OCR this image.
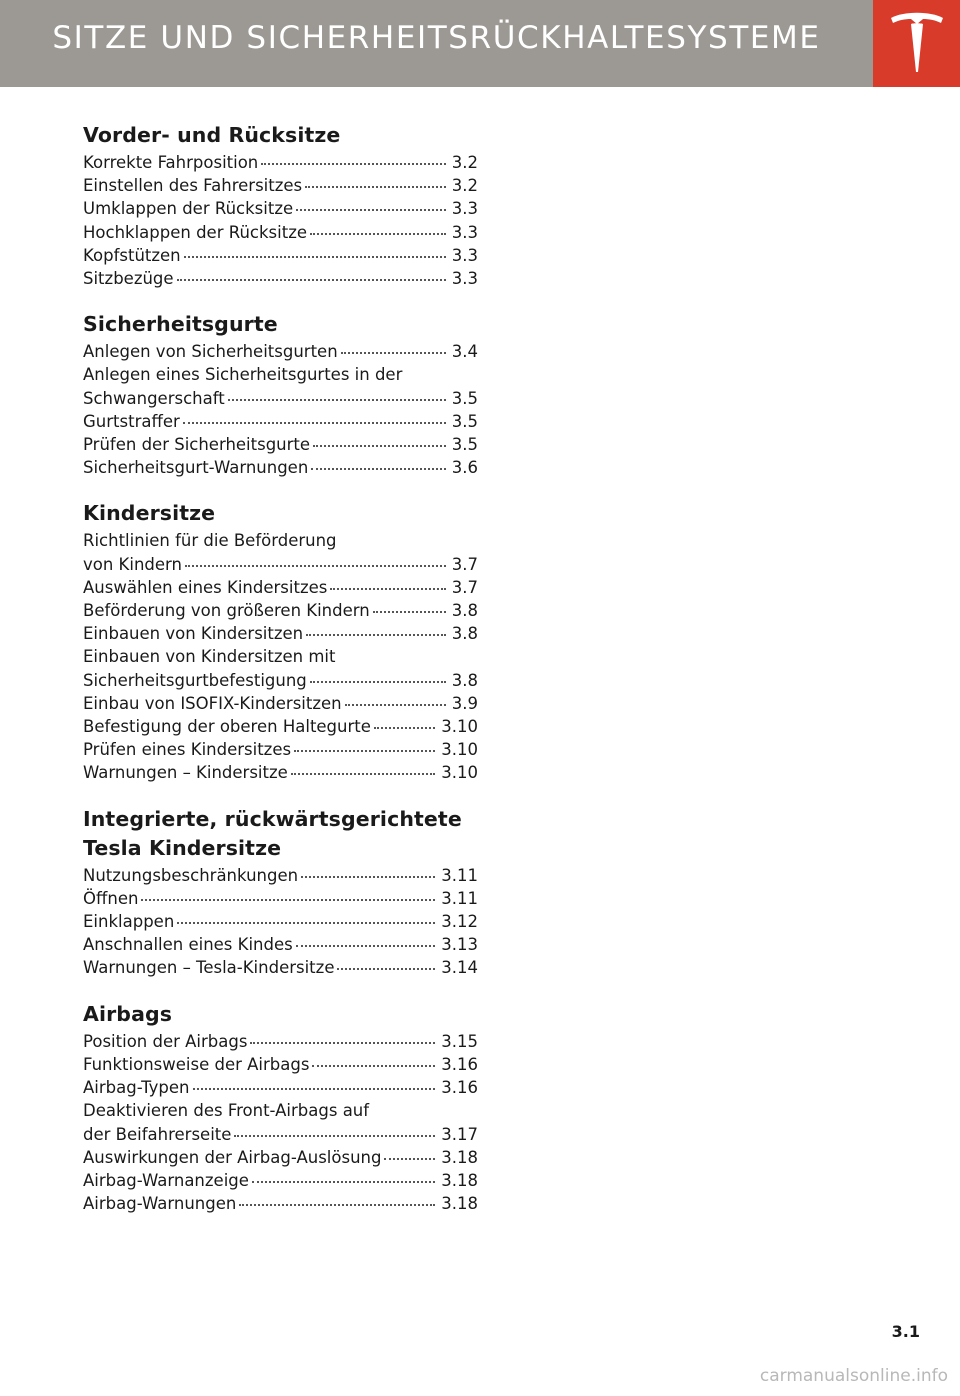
SITZE UND SICHERHEITSRÜCKHALTESYSTEME
Vorder- und Rücksitze
Korrekte Fahrposition	3.2
Einstellen des Fahrersitzes	3.2
Umklappen der Rücksitze	3.3
Hochklappen der Rücksitze	3.3
Kopfstützen	3.3
Sitzbezüge	3.3
Sicherheitsgurte
Anlegen von Sicherheitsgurten	3.4
Anlegen eines Sicherheitsgurtes in der
Schwangerschaft	3.5
Gurtstraffer	3.5
Prüfen der Sicherheitsgurte	3.5
Sicherheitsgurt-Warnungen	3.6
Kindersitze
Richtlinien für die Beförderung
von Kindern	3.7
Auswählen eines Kindersitzes	3.7
Beförderung von größeren Kindern	3.8
Einbauen von Kindersitzen	3.8
Einbauen von Kindersitzen mit
Sicherheitsgurtbefestigung	3.8
Einbau von ISOFIX-Kindersitzen	3.9
Befestigung der oberen Haltegurte	3.10
Prüfen eines Kindersitzes	3.10
Warnungen – Kindersitze	3.10
Integrierte, rückwärtsgerichtete
Tesla Kindersitze
Nutzungsbeschränkungen	3.11
Öffnen	3.11
Einklappen	3.12
Anschnallen eines Kindes	3.13
Warnungen – Tesla-Kindersitze	3.14
Airbags
Position der Airbags	3.15
Funktionsweise der Airbags	3.16
Airbag-Typen	3.16
Deaktivieren des Front-Airbags auf
der Beifahrerseite	3.17
Auswirkungen der Airbag-Auslösung	3.18
Airbag-Warnanzeige	3.18
Airbag-Warnungen	3.18
3.1
carmanualsonline.info
